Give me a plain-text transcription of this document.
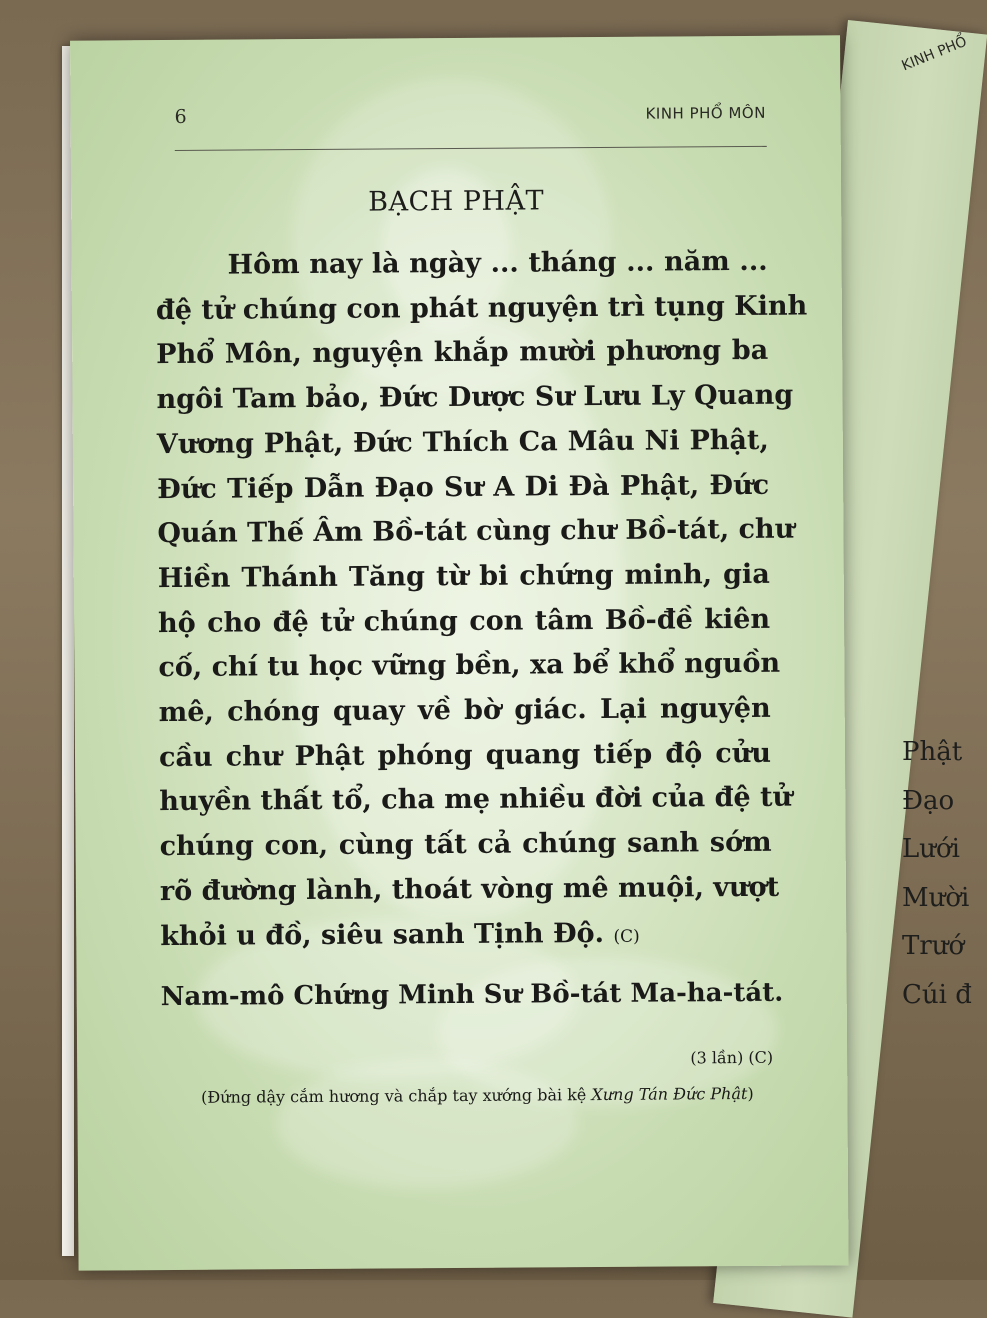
KINH PHỔ
Phật
Đạo
Lưới
Mười
Trướ
Cúi đ
6	KINH PHỔ MÔN
BẠCH PHẬT
Hôm nay là ngày ... tháng ... năm ...
đệ tử chúng con phát nguyện trì tụng Kinh
Phổ Môn, nguyện khắp mười phương ba
ngôi Tam bảo, Đức Dược Sư Lưu Ly Quang
Vương Phật, Đức Thích Ca Mâu Ni Phật,
Đức Tiếp Dẫn Đạo Sư A Di Đà Phật, Đức
Quán Thế Âm Bồ-tát cùng chư Bồ-tát, chư
Hiền Thánh Tăng từ bi chứng minh, gia
hộ cho đệ tử chúng con tâm Bồ-đề kiên
cố, chí tu học vững bền, xa bể khổ nguồn
mê, chóng quay về bờ giác. Lại nguyện
cầu chư Phật phóng quang tiếp độ cửu
huyền thất tổ, cha mẹ nhiều đời của đệ tử
chúng con, cùng tất cả chúng sanh sớm
rõ đường lành, thoát vòng mê muội, vượt
khỏi u đồ, siêu sanh Tịnh Độ. (C)
Nam-mô Chứng Minh Sư Bồ-tát Ma-ha-tát.
(3 lần) (C)
(Đứng dậy cắm hương và chắp tay xướng bài kệ Xưng Tán Đức Phật)
